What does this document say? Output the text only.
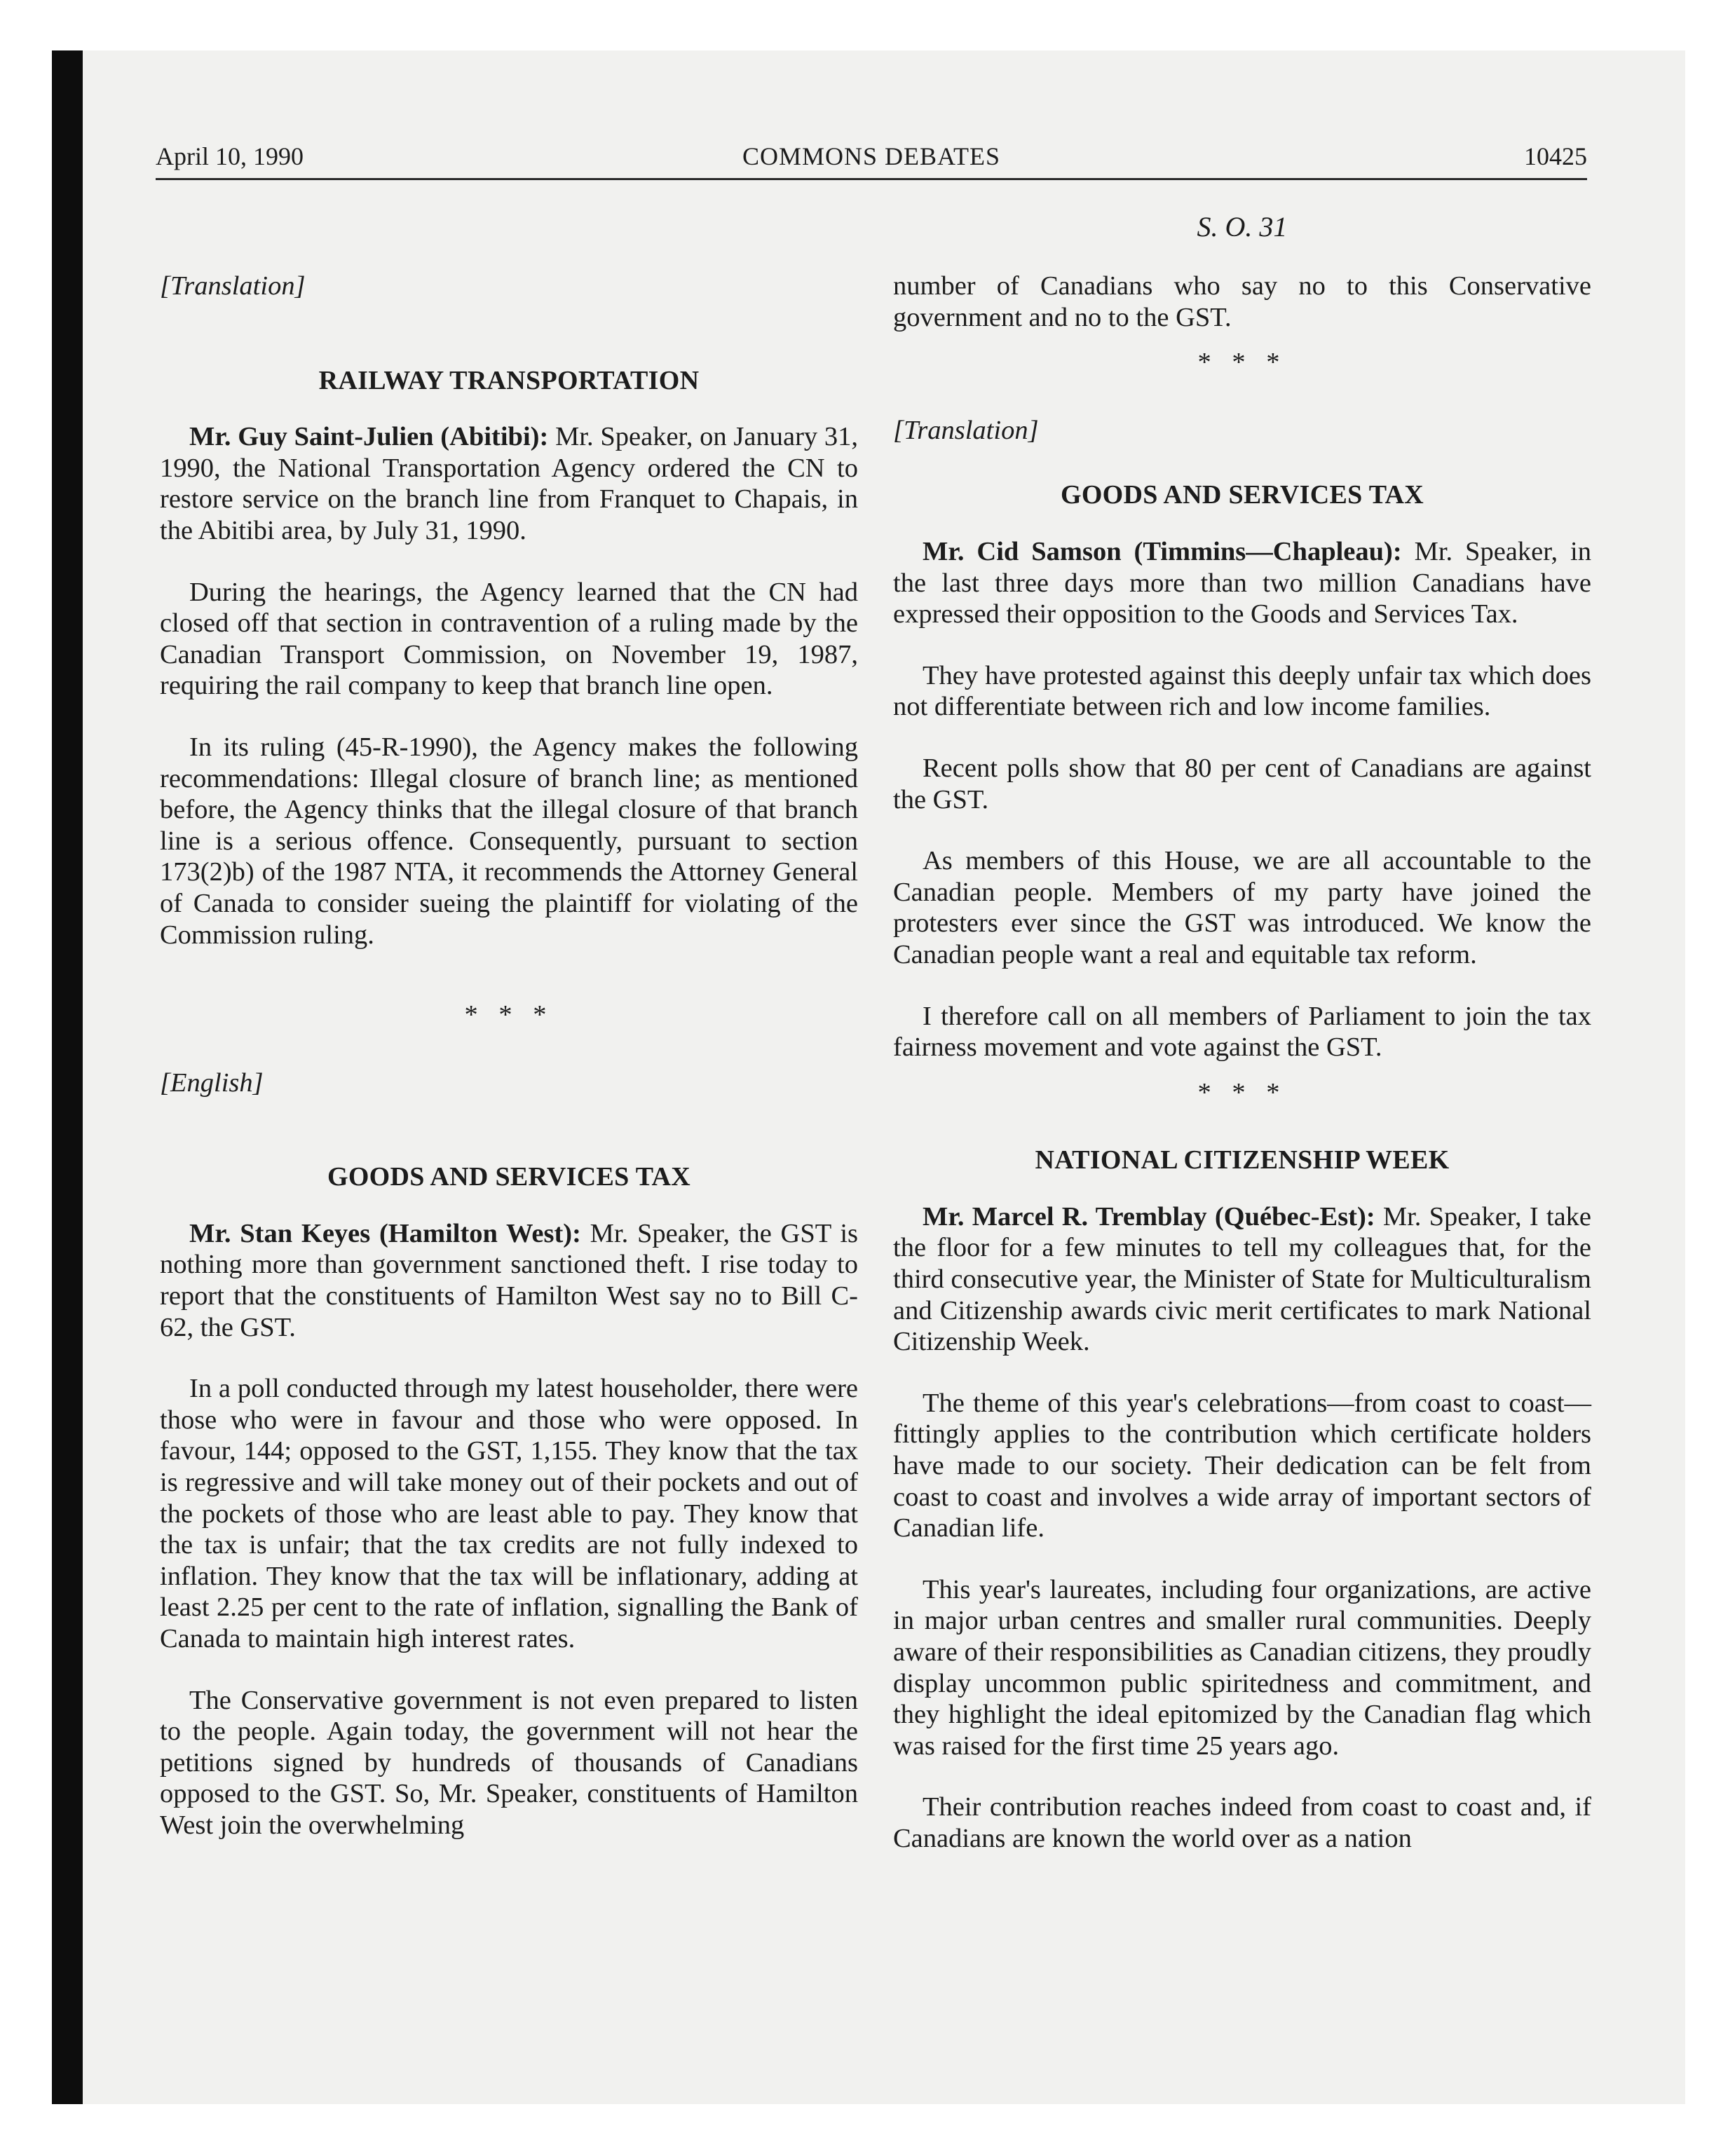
April 10, 1990	COMMONS DEBATES	10425
S. O. 31
[Translation]
RAILWAY TRANSPORTATION

Mr. Guy Saint-Julien (Abitibi): Mr. Speaker, on January 31, 1990, the National Transportation Agency ordered the CN to restore service on the branch line from Franquet to Chapais, in the Abitibi area, by July 31, 1990.

During the hearings, the Agency learned that the CN had closed off that section in contravention of a ruling made by the Canadian Transport Commission, on November 19, 1987, requiring the rail company to keep that branch line open.

In its ruling (45-R-1990), the Agency makes the following recommendations: Illegal closure of branch line; as mentioned before, the Agency thinks that the illegal closure of that branch line is a serious offence. Consequently, pursuant to section 173(2)b) of the 1987 NTA, it recommends the Attorney General of Canada to consider sueing the plaintiff for violating of the Commission ruling.

* * *
[English]
GOODS AND SERVICES TAX

Mr. Stan Keyes (Hamilton West): Mr. Speaker, the GST is nothing more than government sanctioned theft. I rise today to report that the constituents of Hamilton West say no to Bill C-62, the GST.

In a poll conducted through my latest householder, there were those who were in favour and those who were opposed. In favour, 144; opposed to the GST, 1,155. They know that the tax is regressive and will take money out of their pockets and out of the pockets of those who are least able to pay. They know that the tax is unfair; that the tax credits are not fully indexed to inflation. They know that the tax will be inflationary, adding at least 2.25 per cent to the rate of inflation, signalling the Bank of Canada to maintain high interest rates.

The Conservative government is not even prepared to listen to the people. Again today, the government will not hear the petitions signed by hundreds of thousands of Canadians opposed to the GST. So, Mr. Speaker, constituents of Hamilton West join the overwhelming

number of Canadians who say no to this Conservative government and no to the GST.

* * *
[Translation]
GOODS AND SERVICES TAX

Mr. Cid Samson (Timmins—Chapleau): Mr. Speaker, in the last three days more than two million Canadians have expressed their opposition to the Goods and Services Tax.

They have protested against this deeply unfair tax which does not differentiate between rich and low income families.

Recent polls show that 80 per cent of Canadians are against the GST.

As members of this House, we are all accountable to the Canadian people. Members of my party have joined the protesters ever since the GST was introduced. We know the Canadian people want a real and equitable tax reform.

I therefore call on all members of Parliament to join the tax fairness movement and vote against the GST.

* * *
NATIONAL CITIZENSHIP WEEK

Mr. Marcel R. Tremblay (Québec-Est): Mr. Speaker, I take the floor for a few minutes to tell my colleagues that, for the third consecutive year, the Minister of State for Multiculturalism and Citizenship awards civic merit certificates to mark National Citizenship Week.

The theme of this year's celebrations—from coast to coast—fittingly applies to the contribution which certificate holders have made to our society. Their dedication can be felt from coast to coast and involves a wide array of important sectors of Canadian life.

This year's laureates, including four organizations, are active in major urban centres and smaller rural communities. Deeply aware of their responsibilities as Canadian citizens, they proudly display uncommon public spiritedness and commitment, and they highlight the ideal epitomized by the Canadian flag which was raised for the first time 25 years ago.

Their contribution reaches indeed from coast to coast and, if Canadians are known the world over as a nation
